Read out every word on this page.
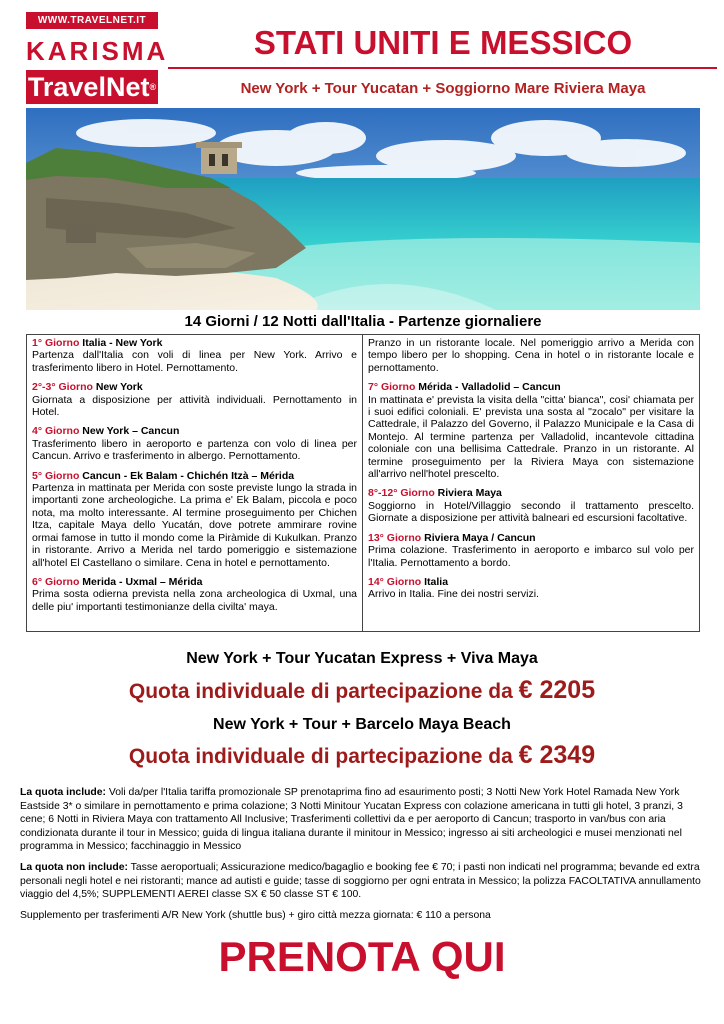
WWW.TRAVELNET.IT
KARISMA
TravelNet®
STATI UNITI E MESSICO
New York + Tour Yucatan + Soggiorno Mare Riviera Maya
14 Giorni / 12 Notti dall'Italia - Partenze giornaliere
1° Giorno Italia - New York
Partenza dall'Italia con voli di linea per New York. Arrivo e trasferimento libero in Hotel. Pernottamento.
2°-3° Giorno New York
Giornata a disposizione per attività individuali. Pernottamento in Hotel.
4° Giorno New York – Cancun
Trasferimento libero in aeroporto e partenza con volo di linea per Cancun. Arrivo e trasferimento in albergo. Pernottamento.
5° Giorno Cancun - Ek Balam - Chichén Itzà – Mérida
Partenza in mattinata per Merida con soste previste lungo la strada in importanti zone archeologiche. La prima e' Ek Balam, piccola e poco nota, ma molto interessante. Al termine proseguimento per Chichen Itza, capitale Maya dello Yucatán, dove potrete ammirare rovine ormai famose in tutto il mondo come la Piràmide di Kukulkan. Pranzo in ristorante. Arrivo a Merida nel tardo pomeriggio e sistemazione all'hotel El Castellano o similare. Cena in hotel e pernottamento.
6° Giorno Merida - Uxmal – Mérida
Prima sosta odierna prevista nella zona archeologica di Uxmal, una delle piu' importanti testimonianze della civilta' maya.
Pranzo in un ristorante locale. Nel pomeriggio arrivo a Merida con tempo libero per lo shopping. Cena in hotel o in ristorante locale e pernottamento.
7° Giorno Mérida - Valladolid – Cancun
In mattinata e' prevista la visita della "citta' bianca", cosi' chiamata per i suoi edifici coloniali. E' prevista una sosta al "zocalo" per visitare la Cattedrale, il Palazzo del Governo, il Palazzo Municipale e la Casa di Montejo. Al termine partenza per Valladolid, incantevole cittadina coloniale con una bellisima Cattedrale. Pranzo in un ristorante. Al termine proseguimento per la Riviera Maya con sistemazione all'arrivo nell'hotel prescelto.
8°-12° Giorno Riviera Maya
Soggiorno in Hotel/Villaggio secondo il trattamento prescelto. Giornate a disposizione per attività balneari ed escursioni facoltative.
13° Giorno Riviera Maya / Cancun
Prima colazione. Trasferimento in aeroporto e imbarco sul volo per l'Italia. Pernottamento a bordo.
14° Giorno Italia
Arrivo in Italia. Fine dei nostri servizi.
New York + Tour Yucatan Express + Viva Maya
Quota individuale di partecipazione da € 2205
New York + Tour + Barcelo Maya Beach
Quota individuale di partecipazione da € 2349

La quota include: Voli da/per l'Italia tariffa promozionale SP prenotaprima fino ad esaurimento posti; 3 Notti New York Hotel Ramada New York Eastside 3* o similare in pernottamento e prima colazione; 3 Notti Minitour Yucatan Express con colazione americana in tutti gli hotel, 3 pranzi, 3 cene; 6 Notti in Riviera Maya con trattamento All Inclusive; Trasferimenti collettivi da e per aeroporto di Cancun; trasporto in van/bus con aria condizionata durante il tour in Messico; guida di lingua italiana durante il minitour in Messico; ingresso ai siti archeologici e musei menzionati nel programma in Messico; facchinaggio in Messico

La quota non include: Tasse aeroportuali; Assicurazione medico/bagaglio e booking fee € 70; i pasti non indicati nel programma; bevande ed extra personali negli hotel e nei ristoranti; mance ad autisti e guide; tasse di soggiorno per ogni entrata in Messico; la polizza FACOLTATIVA annullamento viaggio del 4,5%; SUPPLEMENTI AEREI classe SX € 50 classe ST € 100.

Supplemento per trasferimenti A/R New York (shuttle bus) + giro città mezza giornata: € 110 a persona

PRENOTA QUI
